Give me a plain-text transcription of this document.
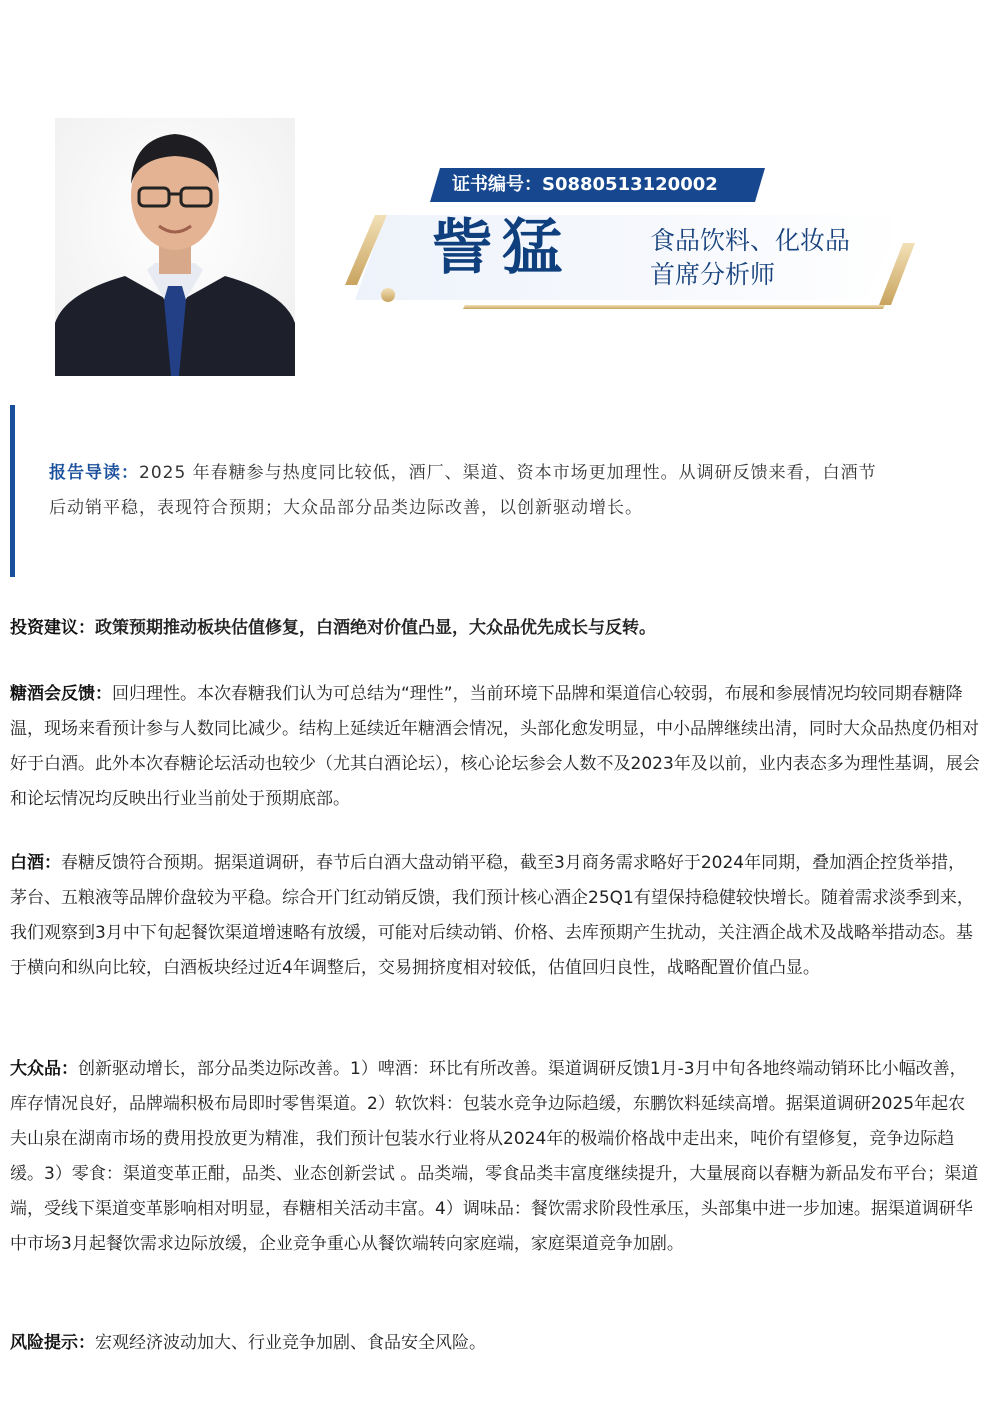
证书编号：S0880513120002
訾猛	食品饮料、化妆品
首席分析师
报告导读：2025 年春糖参与热度同比较低，酒厂、渠道、资本市场更加理性。从调研反馈来看，白酒节后动销平稳，表现符合预期；大众品部分品类边际改善，以创新驱动增长。
投资建议：政策预期推动板块估值修复，白酒绝对价值凸显，大众品优先成长与反转。
糖酒会反馈：回归理性。本次春糖我们认为可总结为“理性”，当前环境下品牌和渠道信心较弱，布展和参展情况均较同期春糖降温，现场来看预计参与人数同比减少。结构上延续近年糖酒会情况，头部化愈发明显，中小品牌继续出清，同时大众品热度仍相对好于白酒。此外本次春糖论坛活动也较少（尤其白酒论坛），核心论坛参会人数不及2023年及以前，业内表态多为理性基调，展会和论坛情况均反映出行业当前处于预期底部。
白酒：春糖反馈符合预期。据渠道调研，春节后白酒大盘动销平稳，截至3月商务需求略好于2024年同期，叠加酒企控货举措，茅台、五粮液等品牌价盘较为平稳。综合开门红动销反馈，我们预计核心酒企25Q1有望保持稳健较快增长。随着需求淡季到来，我们观察到3月中下旬起餐饮渠道增速略有放缓，可能对后续动销、价格、去库预期产生扰动，关注酒企战术及战略举措动态。基于横向和纵向比较，白酒板块经过近4年调整后，交易拥挤度相对较低，估值回归良性，战略配置价值凸显。
大众品：创新驱动增长，部分品类边际改善。1）啤酒：环比有所改善。渠道调研反馈1月-3月中旬各地终端动销环比小幅改善，库存情况良好，品牌端积极布局即时零售渠道。2）软饮料：包装水竞争边际趋缓，东鹏饮料延续高增。据渠道调研2025年起农夫山泉在湖南市场的费用投放更为精准，我们预计包装水行业将从2024年的极端价格战中走出来，吨价有望修复，竞争边际趋缓。3）零食：渠道变革正酣，品类、业态创新尝试 。品类端，零食品类丰富度继续提升，大量展商以春糖为新品发布平台；渠道端，受线下渠道变革影响相对明显，春糖相关活动丰富。4）调味品：餐饮需求阶段性承压，头部集中进一步加速。据渠道调研华中市场3月起餐饮需求边际放缓，企业竞争重心从餐饮端转向家庭端，家庭渠道竞争加剧。
风险提示：宏观经济波动加大、行业竞争加剧、食品安全风险。
